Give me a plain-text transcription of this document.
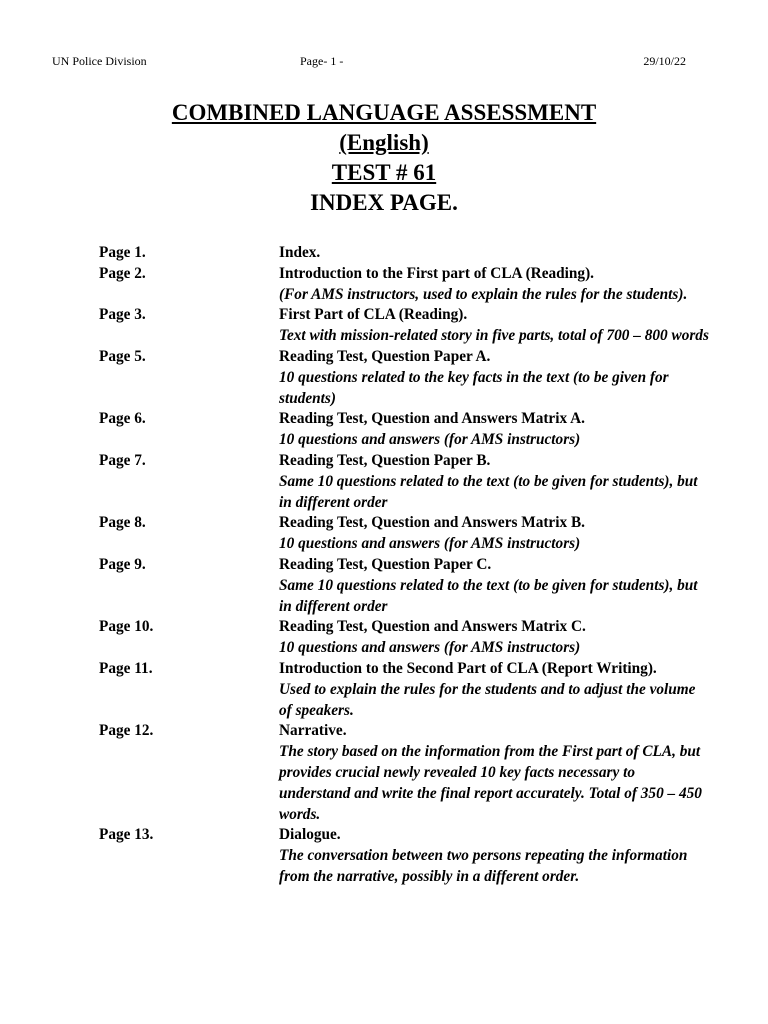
UN Police Division	Page- 1 -	29/10/22
COMBINED LANGUAGE ASSESSMENT
(English)
TEST # 61
INDEX PAGE.
Page 1.	Index.
Page 2.	Introduction to the First part of CLA (Reading).
(For AMS instructors, used to explain the rules for the students).
Page 3.	First Part of CLA (Reading).
Text with mission-related story in five parts, total of 700 – 800 words
Page 5.	Reading Test, Question Paper A.
10 questions related to the key facts in the text (to be given for students)
Page 6.	Reading Test, Question and Answers Matrix A.
10 questions and answers (for AMS instructors)
Page 7.	Reading Test, Question Paper B.
Same 10 questions related to the text (to be given for students), but in different order
Page 8.	Reading Test, Question and Answers Matrix B.
10 questions and answers (for AMS instructors)
Page 9.	Reading Test, Question Paper C.
Same 10 questions related to the text (to be given for students), but in different order
Page 10.	Reading Test, Question and Answers Matrix C.
10 questions and answers (for AMS instructors)
Page 11.	Introduction to the Second Part of CLA (Report Writing).
Used to explain the rules for the students and to adjust the volume of speakers.
Page 12.	Narrative.
The story based on the information from the First part of CLA, but provides crucial newly revealed 10 key facts necessary to understand and write the final report accurately. Total of 350 – 450 words.
Page 13.	Dialogue.
The conversation between two persons repeating the information from the narrative, possibly in a different order.
